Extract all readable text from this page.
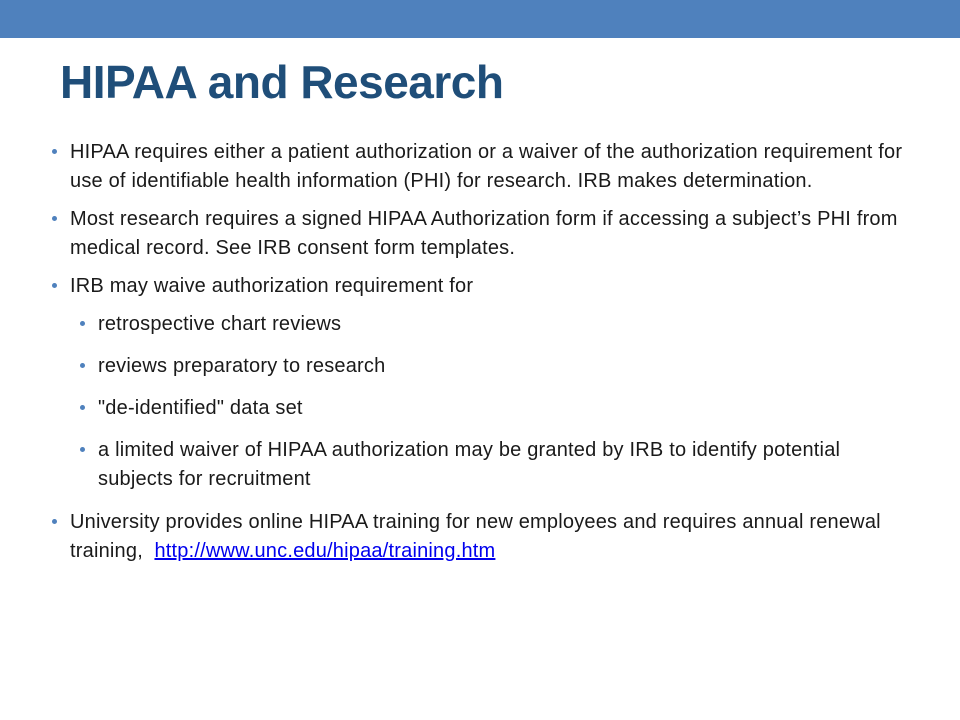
HIPAA and Research
HIPAA requires either a patient authorization or a waiver of the authorization requirement for use of identifiable health information (PHI) for research. IRB makes determination.
Most research requires a signed HIPAA Authorization form if accessing a subject’s PHI from medical record. See IRB consent form templates.
IRB may waive authorization requirement for
retrospective chart reviews
reviews preparatory to research
"de-identified" data set
a limited waiver of HIPAA authorization may be granted by IRB to identify potential subjects for recruitment
University provides online HIPAA training for new employees and requires annual renewal training, http://www.unc.edu/hipaa/training.htm
